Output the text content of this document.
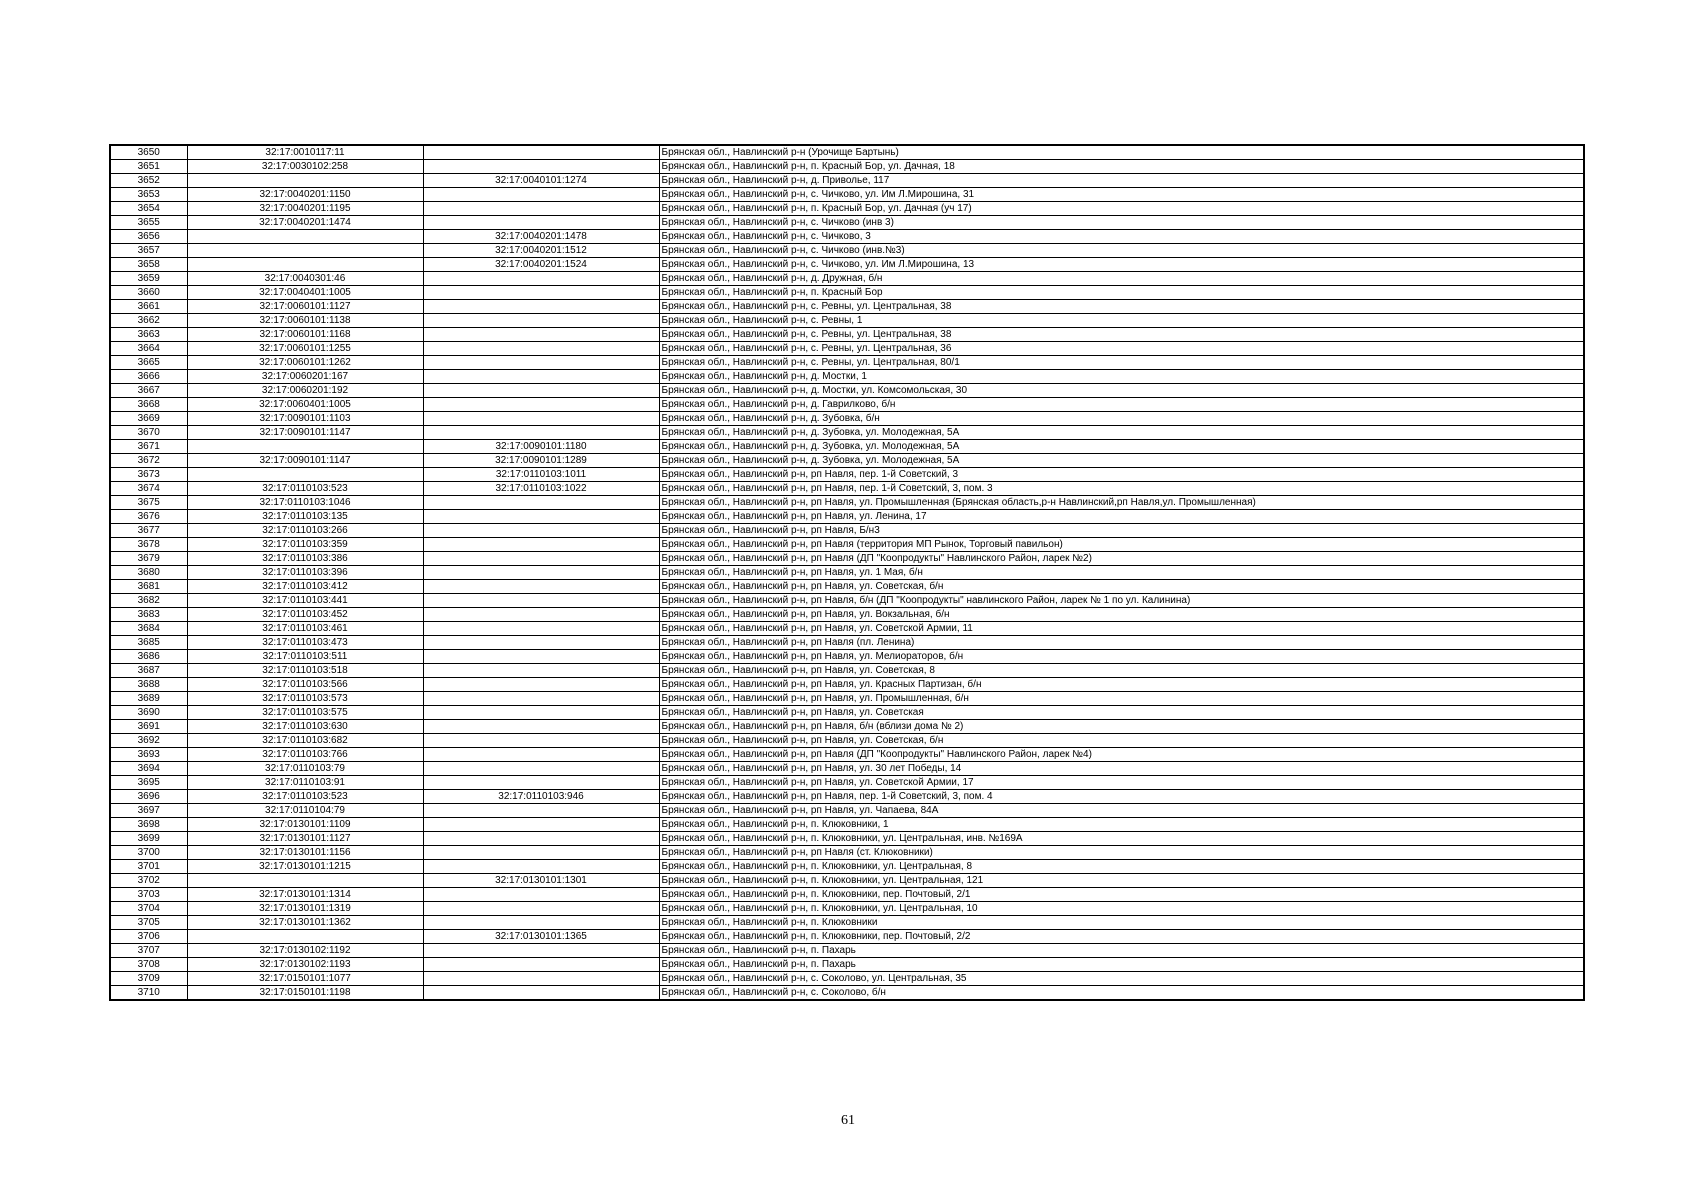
3650	32:17:0010117:11		Брянская обл., Навлинский р-н (Урочище Бартынь)
3651	32:17:0030102:258		Брянская обл., Навлинский р-н, п. Красный Бор, ул. Дачная, 18
3652		32:17:0040101:1274	Брянская обл., Навлинский р-н, д. Приволье, 117
3653	32:17:0040201:1150		Брянская обл., Навлинский р-н, с. Чичково, ул. Им Л.Мирошина, 31
3654	32:17:0040201:1195		Брянская обл., Навлинский р-н, п. Красный Бор, ул. Дачная (уч 17)
3655	32:17:0040201:1474		Брянская обл., Навлинский р-н, с. Чичково (инв 3)
3656		32:17:0040201:1478	Брянская обл., Навлинский р-н, с. Чичково, 3
3657		32:17:0040201:1512	Брянская обл., Навлинский р-н, с. Чичково (инв.№3)
3658		32:17:0040201:1524	Брянская обл., Навлинский р-н, с. Чичково, ул. Им Л.Мирошина, 13
3659	32:17:0040301:46		Брянская обл., Навлинский р-н, д. Дружная, б/н
3660	32:17:0040401:1005		Брянская обл., Навлинский р-н, п. Красный Бор
3661	32:17:0060101:1127		Брянская обл., Навлинский р-н, с. Ревны, ул. Центральная, 38
3662	32:17:0060101:1138		Брянская обл., Навлинский р-н, с. Ревны, 1
3663	32:17:0060101:1168		Брянская обл., Навлинский р-н, с. Ревны, ул. Центральная, 38
3664	32:17:0060101:1255		Брянская обл., Навлинский р-н, с. Ревны, ул. Центральная, 36
3665	32:17:0060101:1262		Брянская обл., Навлинский р-н, с. Ревны, ул. Центральная, 80/1
3666	32:17:0060201:167		Брянская обл., Навлинский р-н, д. Мостки, 1
3667	32:17:0060201:192		Брянская обл., Навлинский р-н, д. Мостки, ул. Комсомольская, 30
3668	32:17:0060401:1005		Брянская обл., Навлинский р-н, д. Гаврилково, б/н
3669	32:17:0090101:1103		Брянская обл., Навлинский р-н, д. Зубовка, б/н
3670	32:17:0090101:1147		Брянская обл., Навлинский р-н, д. Зубовка, ул. Молодежная, 5А
3671		32:17:0090101:1180	Брянская обл., Навлинский р-н, д. Зубовка, ул. Молодежная, 5А
3672	32:17:0090101:1147	32:17:0090101:1289	Брянская обл., Навлинский р-н, д. Зубовка, ул. Молодежная, 5А
3673		32:17:0110103:1011	Брянская обл., Навлинский р-н, рп Навля, пер. 1-й Советский, 3
3674	32:17:0110103:523	32:17:0110103:1022	Брянская обл., Навлинский р-н, рп Навля, пер. 1-й Советский, 3, пом. 3
3675	32:17:0110103:1046		Брянская обл., Навлинский р-н, рп Навля, ул. Промышленная (Брянская область,р-н Навлинский,рп Навля,ул. Промышленная)
3676	32:17:0110103:135		Брянская обл., Навлинский р-н, рп Навля, ул. Ленина, 17
3677	32:17:0110103:266		Брянская обл., Навлинский р-н, рп Навля, Б/н3
3678	32:17:0110103:359		Брянская обл., Навлинский р-н, рп Навля (территория МП Рынок, Торговый павильон)
3679	32:17:0110103:386		Брянская обл., Навлинский р-н, рп Навля (ДП "Коопродукты" Навлинского Район, ларек №2)
3680	32:17:0110103:396		Брянская обл., Навлинский р-н, рп Навля, ул. 1 Мая, б/н
3681	32:17:0110103:412		Брянская обл., Навлинский р-н, рп Навля, ул. Советская, б/н
3682	32:17:0110103:441		Брянская обл., Навлинский р-н, рп Навля, б/н (ДП "Коопродукты" навлинского Район, ларек № 1 по ул. Калинина)
3683	32:17:0110103:452		Брянская обл., Навлинский р-н, рп Навля, ул. Вокзальная, б/н
3684	32:17:0110103:461		Брянская обл., Навлинский р-н, рп Навля, ул. Советской Армии, 11
3685	32:17:0110103:473		Брянская обл., Навлинский р-н, рп Навля (пл. Ленина)
3686	32:17:0110103:511		Брянская обл., Навлинский р-н, рп Навля, ул. Мелиораторов, б/н
3687	32:17:0110103:518		Брянская обл., Навлинский р-н, рп Навля, ул. Советская, 8
3688	32:17:0110103:566		Брянская обл., Навлинский р-н, рп Навля, ул. Красных Партизан, б/н
3689	32:17:0110103:573		Брянская обл., Навлинский р-н, рп Навля, ул. Промышленная, б/н
3690	32:17:0110103:575		Брянская обл., Навлинский р-н, рп Навля, ул. Советская
3691	32:17:0110103:630		Брянская обл., Навлинский р-н, рп Навля, б/н (вблизи дома № 2)
3692	32:17:0110103:682		Брянская обл., Навлинский р-н, рп Навля, ул. Советская, б/н
3693	32:17:0110103:766		Брянская обл., Навлинский р-н, рп Навля (ДП "Коопродукты" Навлинского Район, ларек №4)
3694	32:17:0110103:79		Брянская обл., Навлинский р-н, рп Навля, ул. 30 лет Победы, 14
3695	32:17:0110103:91		Брянская обл., Навлинский р-н, рп Навля, ул. Советской Армии, 17
3696	32:17:0110103:523	32:17:0110103:946	Брянская обл., Навлинский р-н, рп Навля, пер. 1-й Советский, 3, пом. 4
3697	32:17:0110104:79		Брянская обл., Навлинский р-н, рп Навля, ул. Чапаева, 84А
3698	32:17:0130101:1109		Брянская обл., Навлинский р-н, п. Клюковники, 1
3699	32:17:0130101:1127		Брянская обл., Навлинский р-н, п. Клюковники, ул. Центральная, инв. №169А
3700	32:17:0130101:1156		Брянская обл., Навлинский р-н, рп Навля (ст. Клюковники)
3701	32:17:0130101:1215		Брянская обл., Навлинский р-н, п. Клюковники, ул. Центральная, 8
3702		32:17:0130101:1301	Брянская обл., Навлинский р-н, п. Клюковники, ул. Центральная, 121
3703	32:17:0130101:1314		Брянская обл., Навлинский р-н, п. Клюковники, пер. Почтовый, 2/1
3704	32:17:0130101:1319		Брянская обл., Навлинский р-н, п. Клюковники, ул. Центральная, 10
3705	32:17:0130101:1362		Брянская обл., Навлинский р-н, п. Клюковники
3706		32:17:0130101:1365	Брянская обл., Навлинский р-н, п. Клюковники, пер. Почтовый, 2/2
3707	32:17:0130102:1192		Брянская обл., Навлинский р-н, п. Пахарь
3708	32:17:0130102:1193		Брянская обл., Навлинский р-н, п. Пахарь
3709	32:17:0150101:1077		Брянская обл., Навлинский р-н, с. Соколово, ул. Центральная, 35
3710	32:17:0150101:1198		Брянская обл., Навлинский р-н, с. Соколово, б/н
61
